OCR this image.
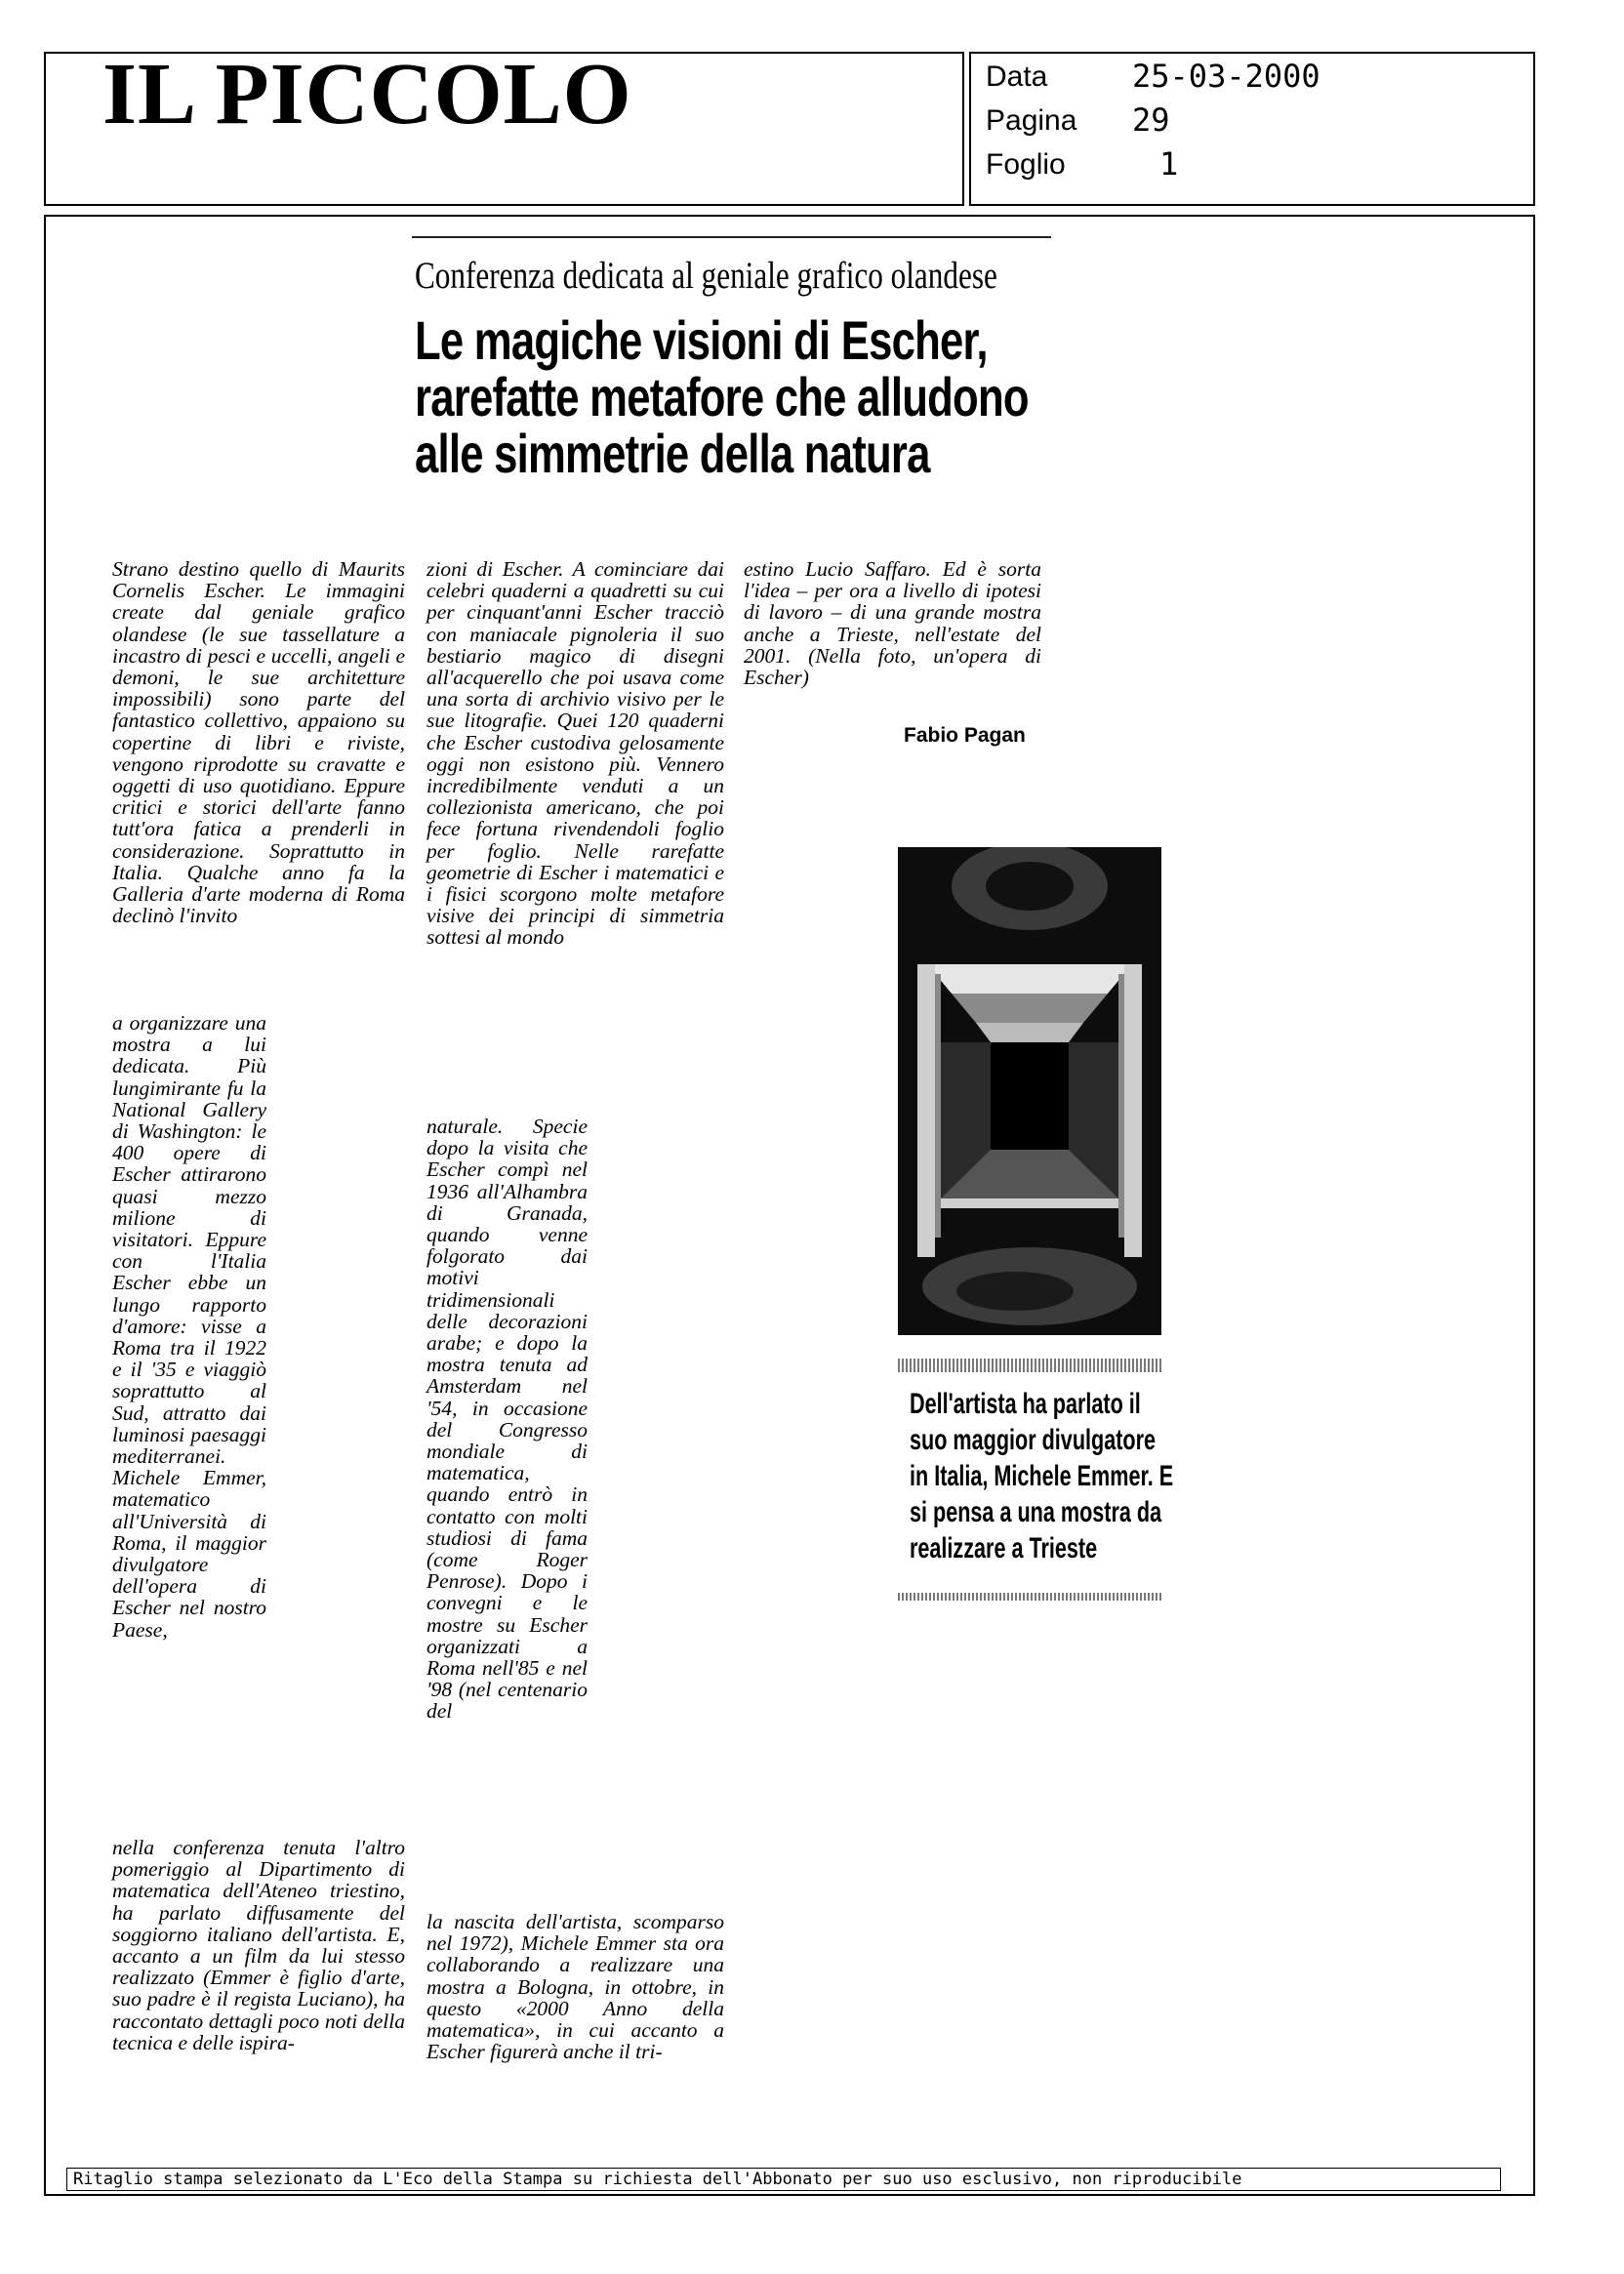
IL PICCOLO	Data	25-03-2000
Pagina	29
Foglio	1
Conferenza dedicata al geniale grafico olandese
Le magiche visioni di Escher, rarefatte metafore che alludono alle simmetrie della natura

Strano destino quello di Maurits Cornelis Escher. Le immagini create dal geniale grafico olandese (le sue tassellature a incastro di pesci e uccelli, angeli e demoni, le sue architetture impossibili) sono parte del fantastico collettivo, appaiono su copertine di libri e riviste, vengono riprodotte su cravatte e oggetti di uso quotidiano. Eppure critici e storici dell'arte fanno tutt'ora fatica a prenderli in considerazione. Soprattutto in Italia. Qualche anno fa la Galleria d'arte moderna di Roma declinò l'invito

a organizzare una mostra a lui dedicata. Più lungimirante fu la National Gallery di Washington: le 400 opere di Escher attirarono quasi mezzo milione di visitatori. Eppure con l'Italia Escher ebbe un lungo rapporto d'amore: visse a Roma tra il 1922 e il '35 e viaggiò soprattutto al Sud, attratto dai luminosi paesaggi mediterranei. Michele Emmer, matematico all'Università di Roma, il maggior divulgatore dell'opera di Escher nel nostro Paese,

nella conferenza tenuta l'altro pomeriggio al Dipartimento di matematica dell'Ateneo triestino, ha parlato diffusamente del soggiorno italiano dell'artista. E, accanto a un film da lui stesso realizzato (Emmer è figlio d'arte, suo padre è il regista Luciano), ha raccontato dettagli poco noti della tecnica e delle ispira-

zioni di Escher. A cominciare dai celebri quaderni a quadretti su cui per cinquant'anni Escher tracciò con maniacale pignoleria il suo bestiario magico di disegni all'acquerello che poi usava come una sorta di archivio visivo per le sue litografie. Quei 120 quaderni che Escher custodiva gelosamente oggi non esistono più. Vennero incredibilmente venduti a un collezionista americano, che poi fece fortuna rivendendoli foglio per foglio. Nelle rarefatte geometrie di Escher i matematici e i fisici scorgono molte metafore visive dei principi di simmetria sottesi al mondo

naturale. Specie dopo la visita che Escher compì nel 1936 all'Alhambra di Granada, quando venne folgorato dai motivi tridimensionali delle decorazioni arabe; e dopo la mostra tenuta ad Amsterdam nel '54, in occasione del Congresso mondiale di matematica, quando entrò in contatto con molti studiosi di fama (come Roger Penrose). Dopo i convegni e le mostre su Escher organizzati a Roma nell'85 e nel '98 (nel centenario del

la nascita dell'artista, scomparso nel 1972), Michele Emmer sta ora collaborando a realizzare una mostra a Bologna, in ottobre, in questo «2000 Anno della matematica», in cui accanto a Escher figurerà anche il tri-

estino Lucio Saffaro. Ed è sorta l'idea – per ora a livello di ipotesi di lavoro – di una grande mostra anche a Trieste, nell'estate del 2001. (Nella foto, un'opera di Escher)

Fabio Pagan
Dell'artista ha parlato il suo maggior divulgatore in Italia, Michele Emmer. E si pensa a una mostra da realizzare a Trieste
Ritaglio stampa selezionato da L'Eco della Stampa su richiesta dell'Abbonato per suo uso esclusivo, non riproducibile
